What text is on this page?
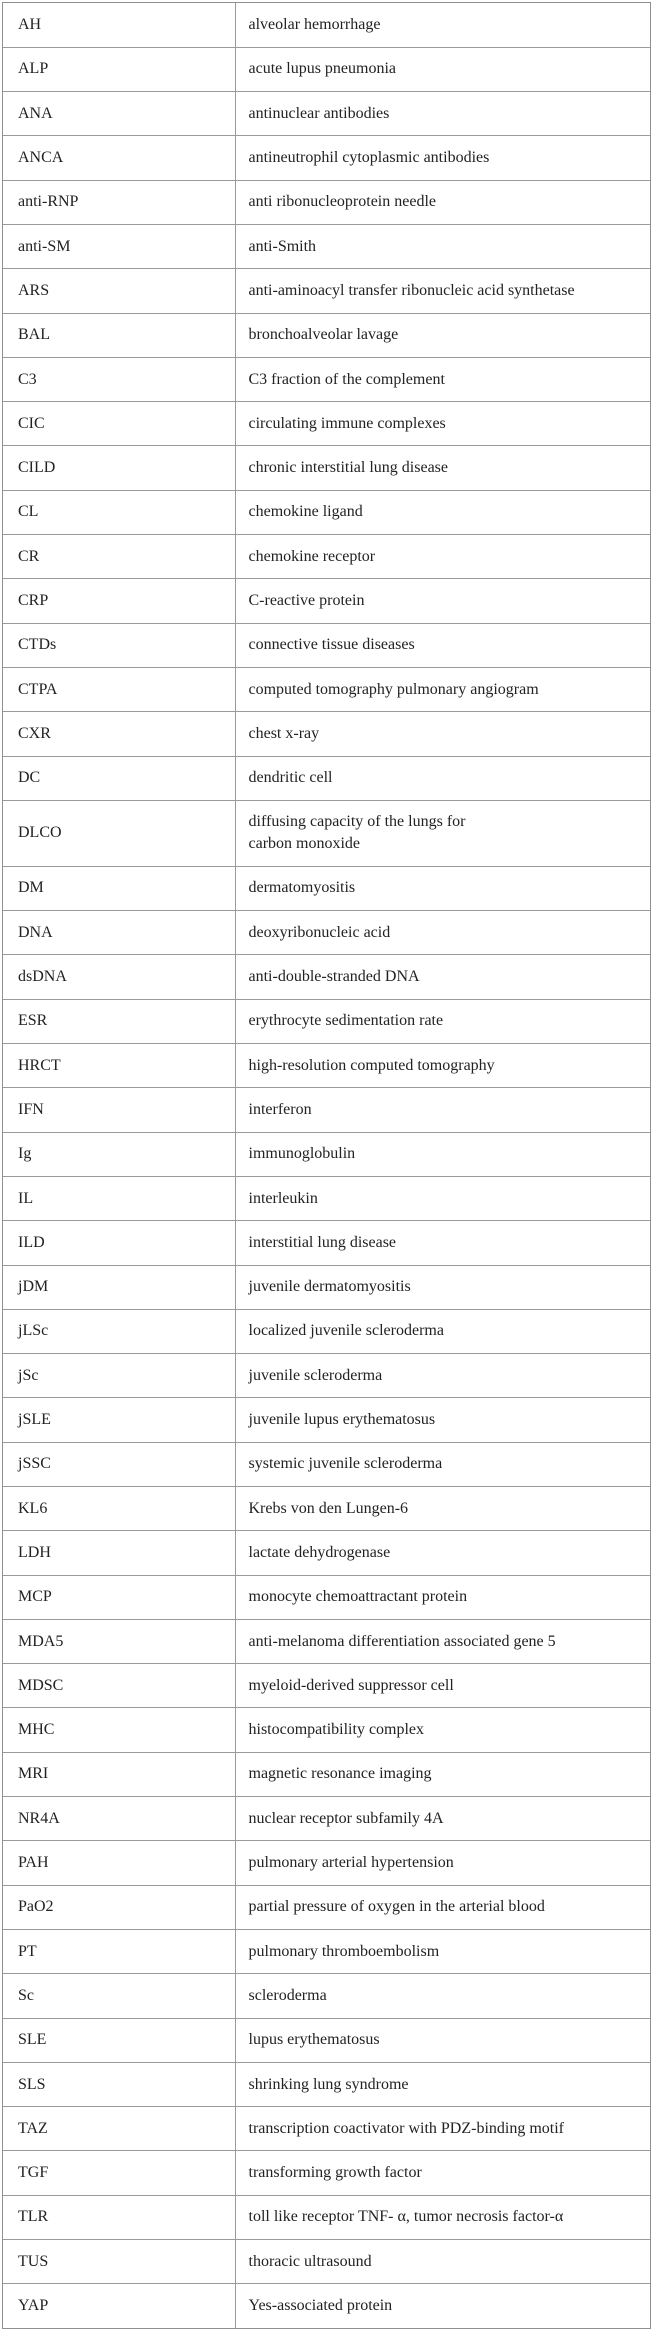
AH	alveolar hemorrhage
ALP	acute lupus pneumonia
ANA	antinuclear antibodies
ANCA	antineutrophil cytoplasmic antibodies
anti-RNP	anti ribonucleoprotein needle
anti-SM	anti-Smith
ARS	anti-aminoacyl transfer ribonucleic acid synthetase
BAL	bronchoalveolar lavage
C3	C3 fraction of the complement
CIC	circulating immune complexes
CILD	chronic interstitial lung disease
CL	chemokine ligand
CR	chemokine receptor
CRP	C-reactive protein
CTDs	connective tissue diseases
CTPA	computed tomography pulmonary angiogram
CXR	chest x-ray
DC	dendritic cell
DLCO	diffusing capacity of the lungs for
carbon monoxide
DM	dermatomyositis
DNA	deoxyribonucleic acid
dsDNA	anti-double-stranded DNA
ESR	erythrocyte sedimentation rate
HRCT	high-resolution computed tomography
IFN	interferon
Ig	immunoglobulin
IL	interleukin
ILD	interstitial lung disease
jDM	juvenile dermatomyositis
jLSc	localized juvenile scleroderma
jSc	juvenile scleroderma
jSLE	juvenile lupus erythematosus
jSSC	systemic juvenile scleroderma
KL6	Krebs von den Lungen-6
LDH	lactate dehydrogenase
MCP	monocyte chemoattractant protein
MDA5	anti-melanoma differentiation associated gene 5
MDSC	myeloid-derived suppressor cell
MHC	histocompatibility complex
MRI	magnetic resonance imaging
NR4A	nuclear receptor subfamily 4A
PAH	pulmonary arterial hypertension
PaO2	partial pressure of oxygen in the arterial blood
PT	pulmonary thromboembolism
Sc	scleroderma
SLE	lupus erythematosus
SLS	shrinking lung syndrome
TAZ	transcription coactivator with PDZ-binding motif
TGF	transforming growth factor
TLR	toll like receptor TNF- α, tumor necrosis factor-α
TUS	thoracic ultrasound
YAP	Yes-associated protein
